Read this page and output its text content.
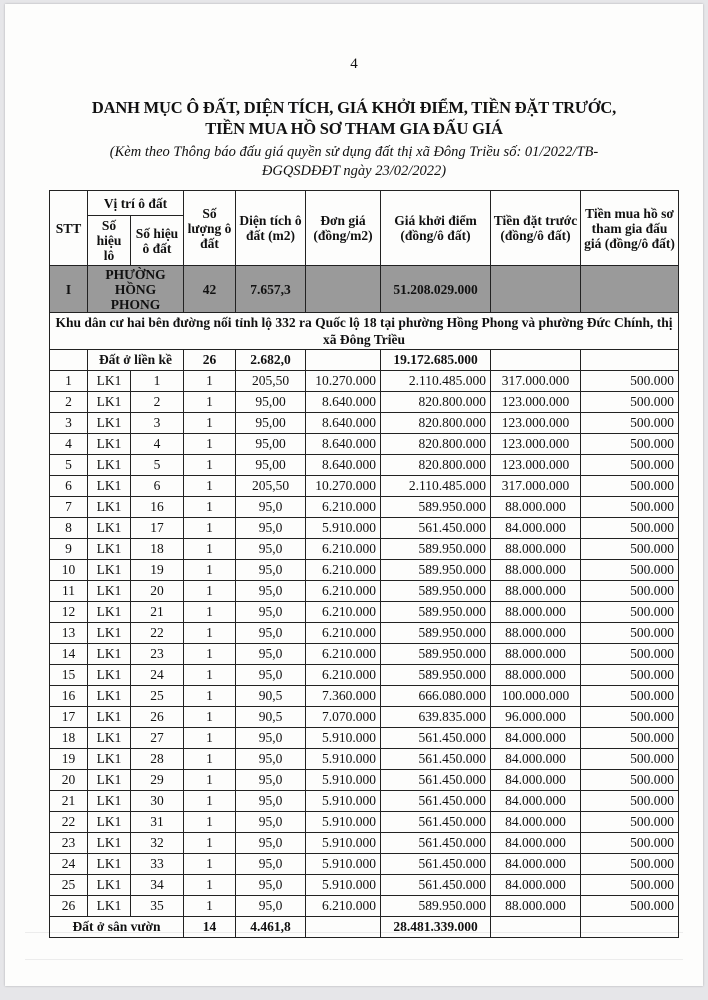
4
DANH MỤC Ô ĐẤT, DIỆN TÍCH, GIÁ KHỞI ĐIỂM, TIỀN ĐẶT TRƯỚC,
TIỀN MUA HỒ SƠ THAM GIA ĐẤU GIÁ
(Kèm theo Thông báo đấu giá quyền sử dụng đất thị xã Đông Triều số: 01/2022/TB-
ĐGQSDĐĐT ngày 23/02/2022)
STT	Vị trí ô đất		Số lượng ô đất	Diện tích ô đất (m2)	Đơn giá (đồng/m2)	Giá khởi điểm (đồng/ô đất)	Tiền đặt trước (đồng/ô đất)	Tiền mua hồ sơ tham gia đấu giá (đồng/ô đất)
	Số hiệu lô	Số hiệu ô đất						
I	PHƯỜNG HỒNG PHONG		42	7.657,3		51.208.029.000		
Khu dân cư hai bên đường nối tỉnh lộ 332 ra Quốc lộ 18 tại phường Hồng Phong và phường Đức Chính, thị xã Đông Triều								
	Đất ở liền kề		26	2.682,0		19.172.685.000		
1	LK1	1	1	205,50	10.270.000	2.110.485.000	317.000.000	500.000
2	LK1	2	1	95,00	8.640.000	820.800.000	123.000.000	500.000
3	LK1	3	1	95,00	8.640.000	820.800.000	123.000.000	500.000
4	LK1	4	1	95,00	8.640.000	820.800.000	123.000.000	500.000
5	LK1	5	1	95,00	8.640.000	820.800.000	123.000.000	500.000
6	LK1	6	1	205,50	10.270.000	2.110.485.000	317.000.000	500.000
7	LK1	16	1	95,0	6.210.000	589.950.000	88.000.000	500.000
8	LK1	17	1	95,0	5.910.000	561.450.000	84.000.000	500.000
9	LK1	18	1	95,0	6.210.000	589.950.000	88.000.000	500.000
10	LK1	19	1	95,0	6.210.000	589.950.000	88.000.000	500.000
11	LK1	20	1	95,0	6.210.000	589.950.000	88.000.000	500.000
12	LK1	21	1	95,0	6.210.000	589.950.000	88.000.000	500.000
13	LK1	22	1	95,0	6.210.000	589.950.000	88.000.000	500.000
14	LK1	23	1	95,0	6.210.000	589.950.000	88.000.000	500.000
15	LK1	24	1	95,0	6.210.000	589.950.000	88.000.000	500.000
16	LK1	25	1	90,5	7.360.000	666.080.000	100.000.000	500.000
17	LK1	26	1	90,5	7.070.000	639.835.000	96.000.000	500.000
18	LK1	27	1	95,0	5.910.000	561.450.000	84.000.000	500.000
19	LK1	28	1	95,0	5.910.000	561.450.000	84.000.000	500.000
20	LK1	29	1	95,0	5.910.000	561.450.000	84.000.000	500.000
21	LK1	30	1	95,0	5.910.000	561.450.000	84.000.000	500.000
22	LK1	31	1	95,0	5.910.000	561.450.000	84.000.000	500.000
23	LK1	32	1	95,0	5.910.000	561.450.000	84.000.000	500.000
24	LK1	33	1	95,0	5.910.000	561.450.000	84.000.000	500.000
25	LK1	34	1	95,0	5.910.000	561.450.000	84.000.000	500.000
26	LK1	35	1	95,0	6.210.000	589.950.000	88.000.000	500.000
Đất ở sân vườn			14	4.461,8		28.481.339.000		
